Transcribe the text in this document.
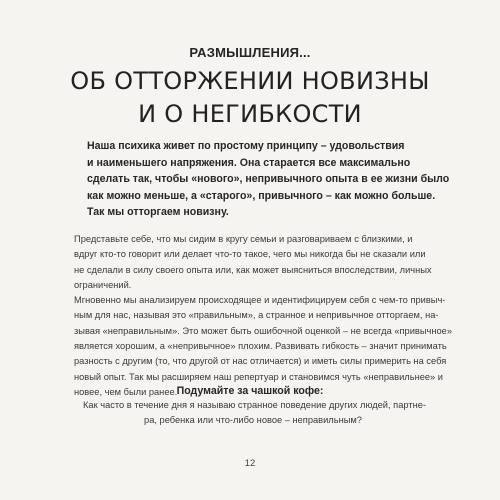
РАЗМЫШЛЕНИЯ...
ОБ ОТТОРЖЕНИИ НОВИЗНЫ
И О НЕГИБКОСТИ
Наша психика живет по простому принципу – удовольствия
и наименьшего напряжения. Она старается все максимально
сделать так, чтобы «нового», непривычного опыта в ее жизни было
как можно меньше, а «старого», привычного – как можно больше.
Так мы отторгаем новизну.
Представьте себе, что мы сидим в кругу семьи и разговариваем с близкими, и
вдруг кто-то говорит или делает что-то такое, чего мы никогда бы не сказали или
не сделали в силу своего опыта или, как может выясниться впоследствии, личных
ограничений.
Мгновенно мы анализируем происходящее и идентифицируем себя с чем-то привыч-
ным для нас, называя это «правильным», а странное и непривычное отторгаем, на-
зывая «неправильным». Это может быть ошибочной оценкой – не всегда «привычное»
является хорошим, а «непривычное» плохим. Развивать гибкость – значит принимать
разность с другим (то, что другой от нас отличается) и иметь силы примерить на себя
новый опыт. Так мы расширяем наш репертуар и становимся чуть «неправильнее» и
новее, чем были ранее. Подумайте за чашкой кофе:
Как часто в течение дня я называю странное поведение других людей, партне-
ра, ребенка или что-либо новое – неправильным?
12
